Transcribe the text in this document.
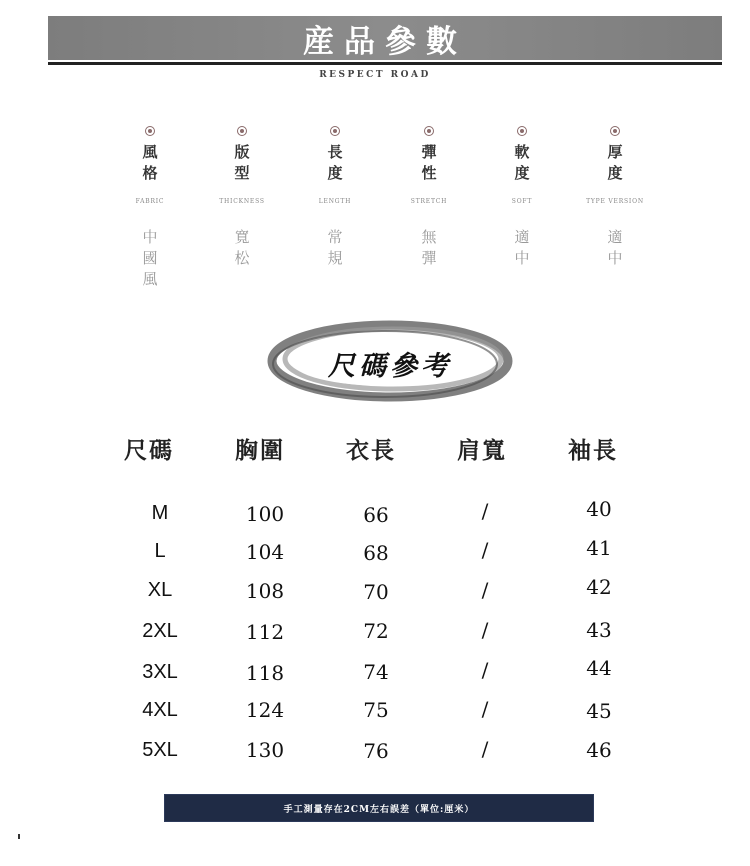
産品參數
RESPECT ROAD
風格
FABRIC
中國風
版型
THICKNESS
寬松
長度
LENGTH
常規
彈性
STRETCH
無彈
軟度
SOFT
適中
厚度
TYPE VERSION
適中
尺碼參考
尺碼	胸圍	衣長	肩寬	袖長
M	100	66	/	40
L	104	68	/	41
XL	108	70	/	42
2XL	112	72	/	43
3XL	118	74	/	44
4XL	124	75	/	45
5XL	130	76	/	46
手工測量存在2CM左右誤差（單位:厘米）
